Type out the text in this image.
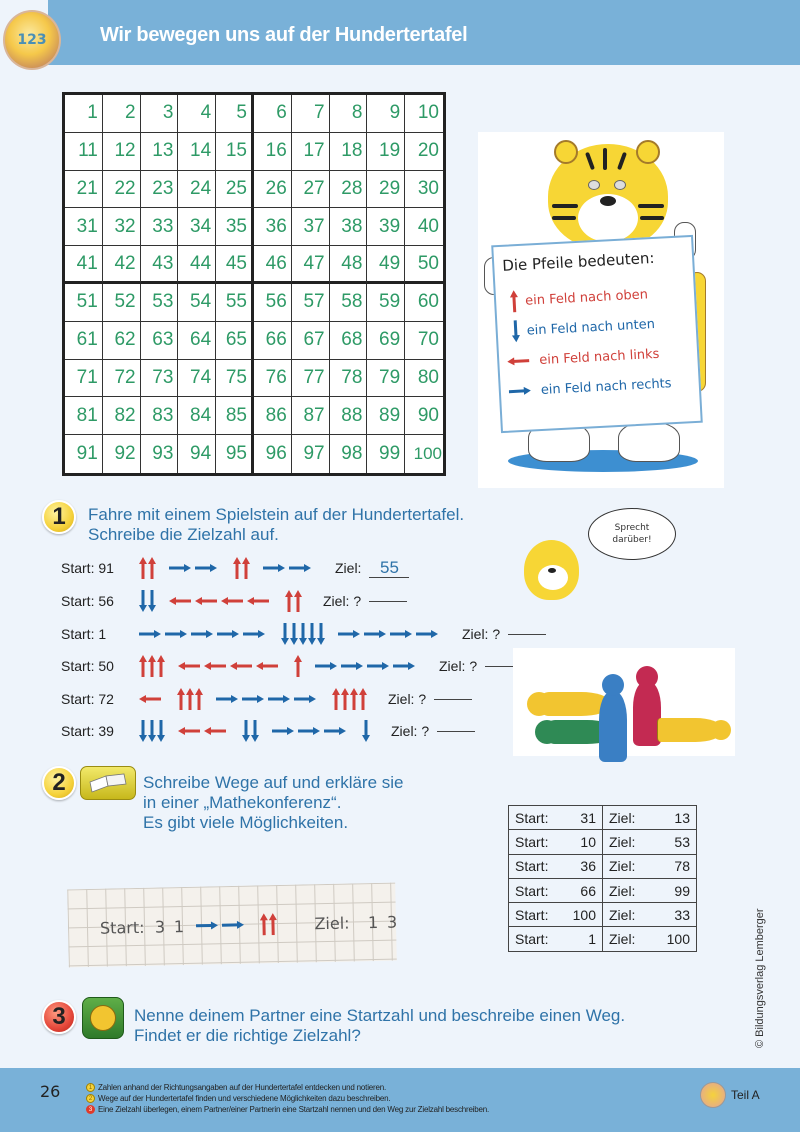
123	Wir bewegen uns auf der Hundertertafel
1	2	3	4	5	6	7	8	9 10
11 12 13 14 15 16 17 18 19 20
21 22 23 24 25 26 27 28 29 30
31 32 33 34 35 36 37 38 39 40
41 42 43 44 45 46 47 48 49 50
51 52 53 54 55 56 57 58 59 60
61 62 63 64 65 66 67 68 69 70
71 72 73 74 75 76 77 78 79 80
81 82 83 84 85 86 87 88 89 90
91 92 93 94 95 96 97 98 99 100
Die Pfeile bedeuten:
ein Feld nach oben
ein Feld nach unten
ein Feld nach links
ein Feld nach rechts
1	Fahre mit einem Spielstein auf der Hundertertafel.
Schreibe die Zielzahl auf.
Start: 91	Ziel:	55
Start: 56	Ziel: ?
Start: 1	Ziel: ?
Start: 50	Ziel: ?
Start: 72	Ziel: ?
Start: 39	Ziel: ?
Sprecht darüber!
2	Schreibe Wege auf und erkläre sie
in einer „Mathekonferenz“.
Es gibt viele Möglichkeiten.
Start: 3 1	Ziel: 1 3
Start:	31	Ziel:	13
Start:	10	Ziel:	53
Start:	36	Ziel:	78
Start:	66	Ziel:	99
Start:	100	Ziel:	33
Start:	1	Ziel:	100	© Bildungsverlag Lemberger
3	Nenne deinem Partner eine Startzahl und beschreibe einen Weg.
Findet er die richtige Zielzahl?
26	1 Zahlen anhand der Richtungsangaben auf der Hundertertafel entdecken und notieren.
2 Wege auf der Hundertertafel finden und verschiedene Möglichkeiten dazu beschreiben.
3 Eine Zielzahl überlegen, einem Partner/einer Partnerin eine Startzahl nennen und den Weg zur Zielzahl beschreiben.
Teil A
